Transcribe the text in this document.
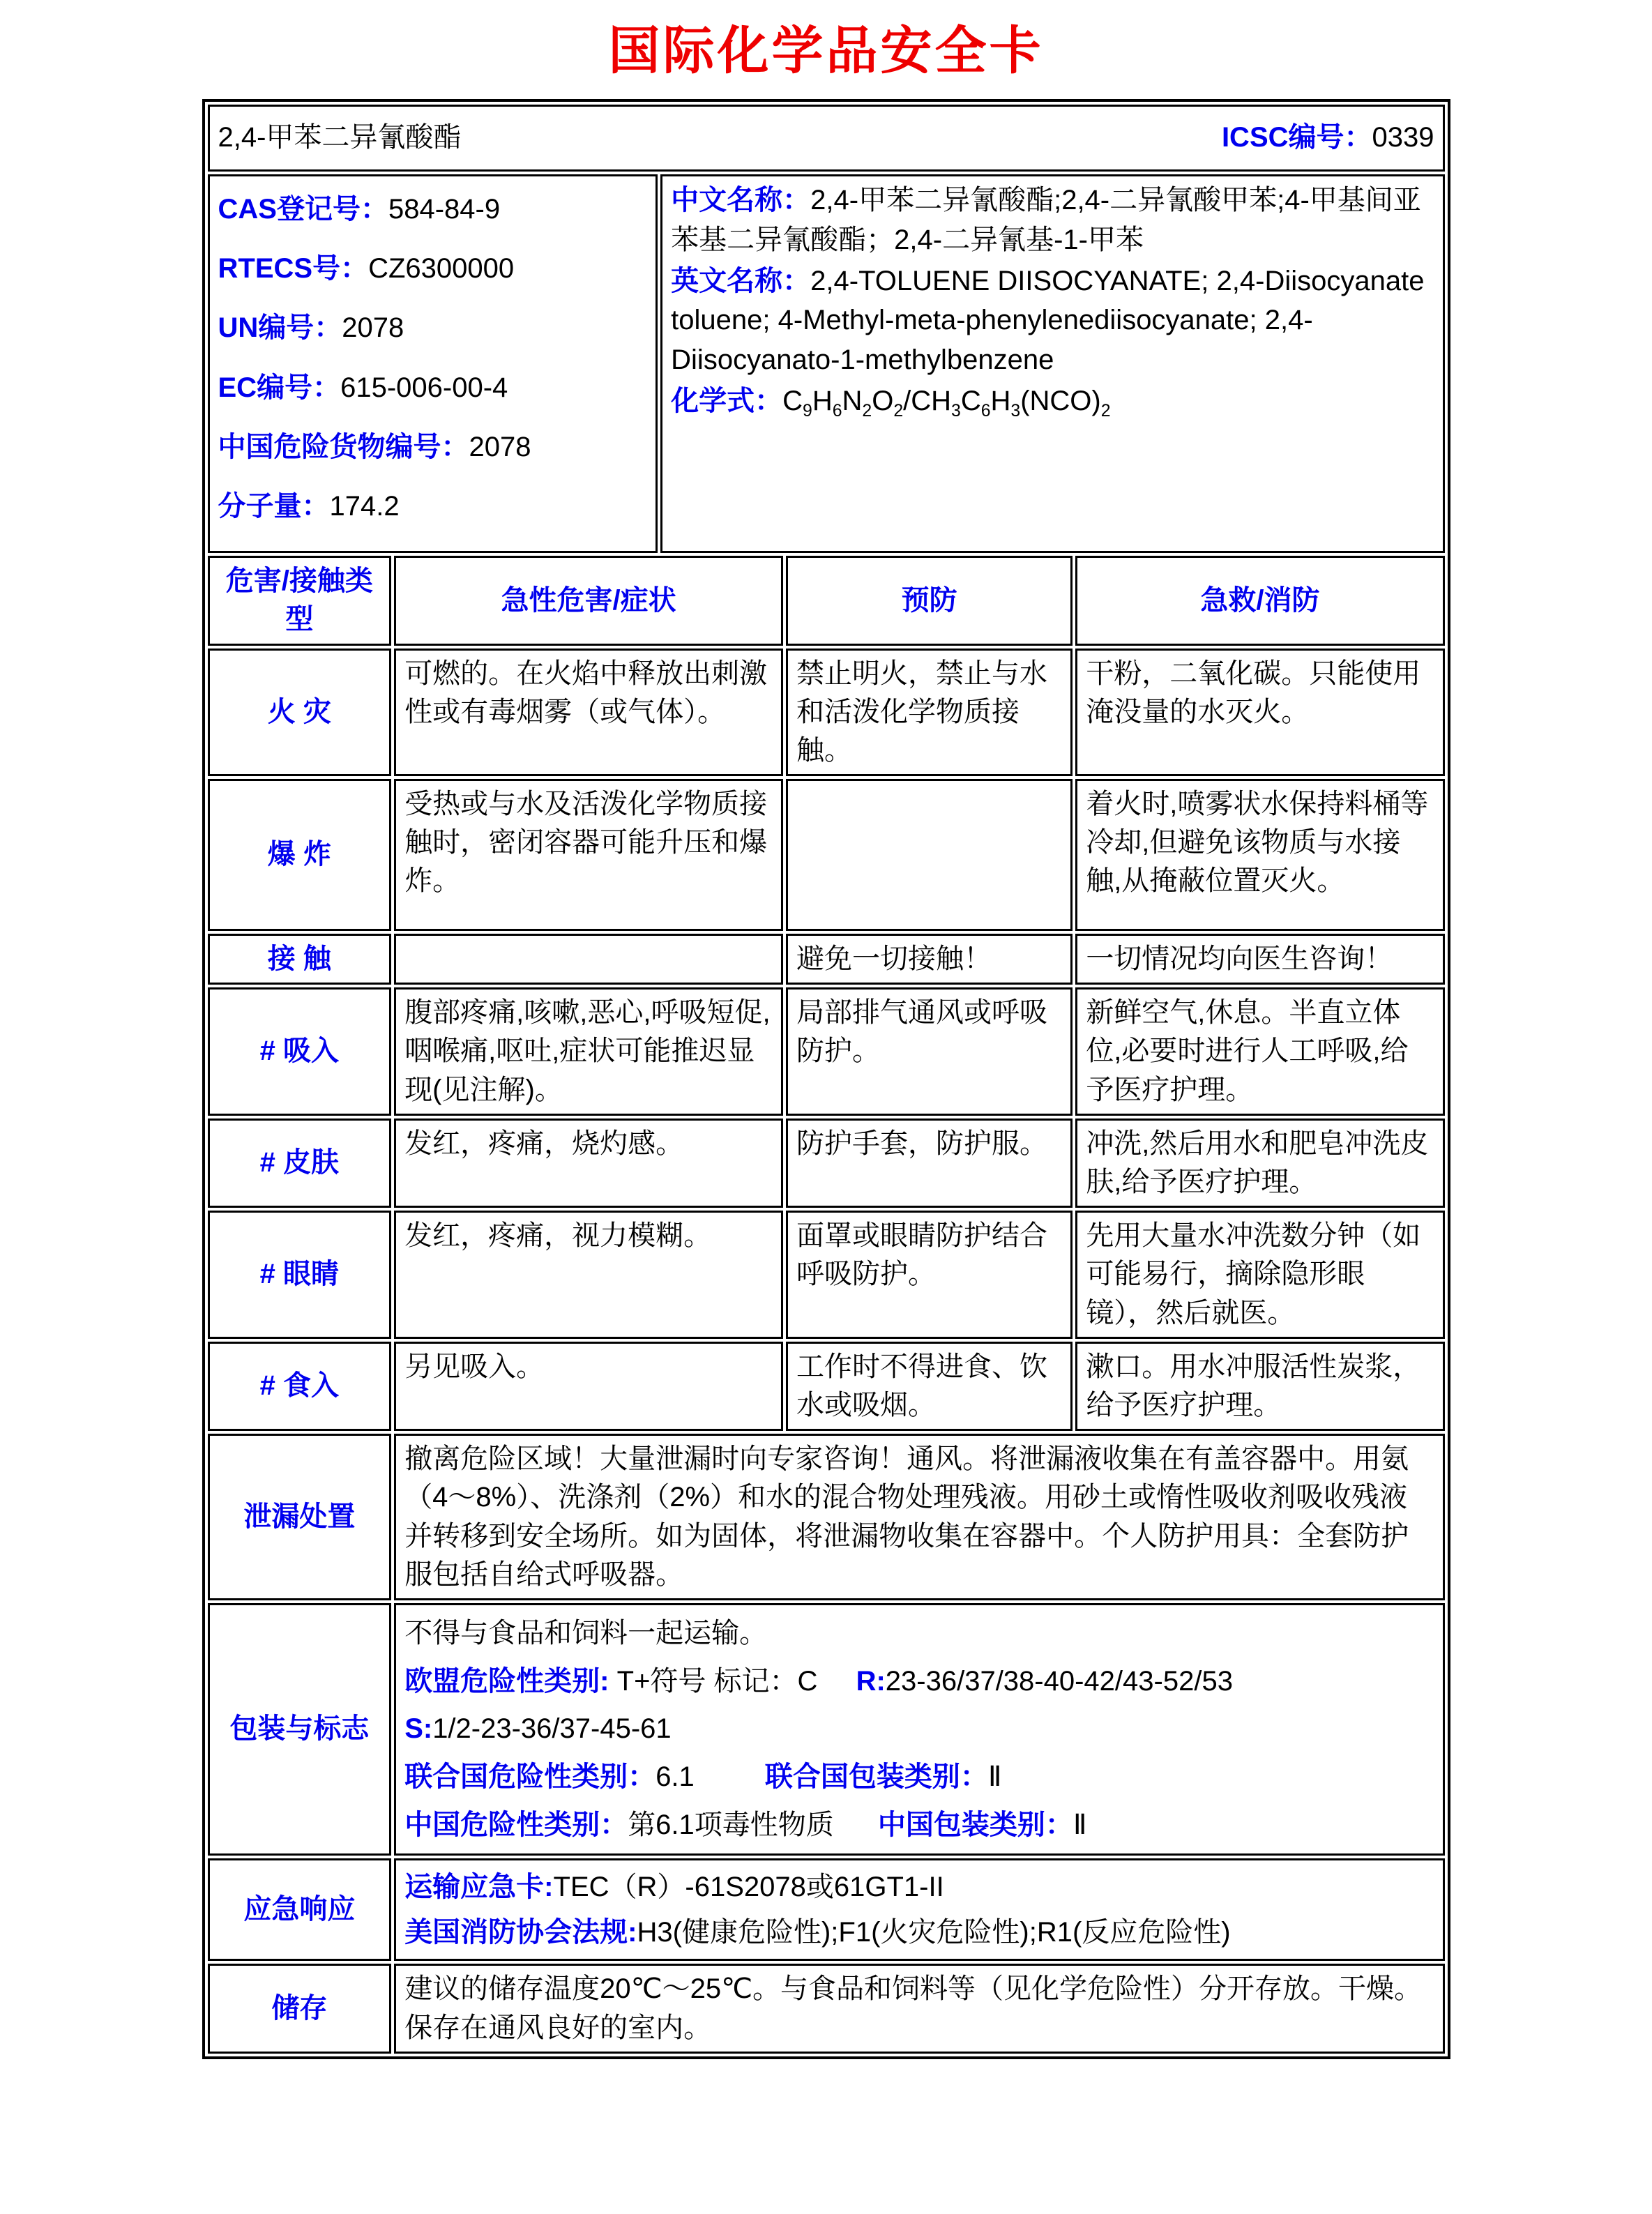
国际化学品安全卡
2,4-甲苯二异氰酸酯 ICSC编号：0339				

CAS登记号：584-84-9
RTECS号：CZ6300000
UN编号：2078
EC编号：615-006-00-4
中国危险货物编号：2078
分子量：174.2

中文名称：2,4-甲苯二异氰酸酯;2,4-二异氰酸甲苯;4-甲基间亚苯基二异氰酸酯；2,4-二异氰基-1-甲苯

英文名称：2,4-TOLUENE DIISOCYANATE; 2,4-Diisocyanate toluene; 4-Methyl-meta-phenylenediisocyanate; 2,4-Diisocyanato-1-methylbenzene

化学式：$C_9H_6N_2O_2/CH_3C_6H_3(NCO)_2$

危害/接触类型	急性危害/症状		预防	急救/消防
火 灾	可燃的。在火焰中释放出刺激性或有毒烟雾（或气体）。		禁止明火，禁止与水和活泼化学物质接触。	干粉，二氧化碳。只能使用淹没量的水灭火。
爆 炸	受热或与水及活泼化学物质接触时，密闭容器可能升压和爆炸。			着火时,喷雾状水保持料桶等冷却,但避免该物质与水接触,从掩蔽位置灭火。
接 触			避免一切接触！	一切情况均向医生咨询！
# 吸入	腹部疼痛,咳嗽,恶心,呼吸短促,咽喉痛,呕吐,症状可能推迟显现(见注解)。		局部排气通风或呼吸防护。	新鲜空气,休息。半直立体位,必要时进行人工呼吸,给予医疗护理。
# 皮肤	发红，疼痛，烧灼感。		防护手套，防护服。	冲洗,然后用水和肥皂冲洗皮肤,给予医疗护理。
# 眼睛	发红，疼痛，视力模糊。		面罩或眼睛防护结合呼吸防护。	先用大量水冲洗数分钟（如可能易行，摘除隐形眼镜），然后就医。
# 食入	另见吸入。		工作时不得进食、饮水或吸烟。	漱口。用水冲服活性炭浆，给予医疗护理。
泄漏处置	撤离危险区域！大量泄漏时向专家咨询！通风。将泄漏液收集在有盖容器中。用氨（4～8%）、洗涤剂（2%）和水的混合物处理残液。用砂土或惰性吸收剂吸收残液并转移到安全场所。如为固体，将泄漏物收集在容器中。个人防护用具：全套防护服包括自给式呼吸器。			
包装与标志	不得与食品和饲料一起运输。
欧盟危险性类别: T+符号 标记：C R:23-36/37/38-40-42/43-52/53
S:1/2-23-36/37-45-61
联合国危险性类别：6.1 联合国包装类别：Ⅱ
中国危险性类别：第6.1项毒性物质 中国包装类别：Ⅱ			

应急响应	运输应急卡:TEC（R）-61S2078或61GT1-II
美国消防协会法规:H3(健康危险性);F1(火灾危险性);R1(反应危险性)			

储存	建议的储存温度20℃～25℃。与食品和饲料等（见化学危险性）分开存放。干燥。保存在通风良好的室内。			
